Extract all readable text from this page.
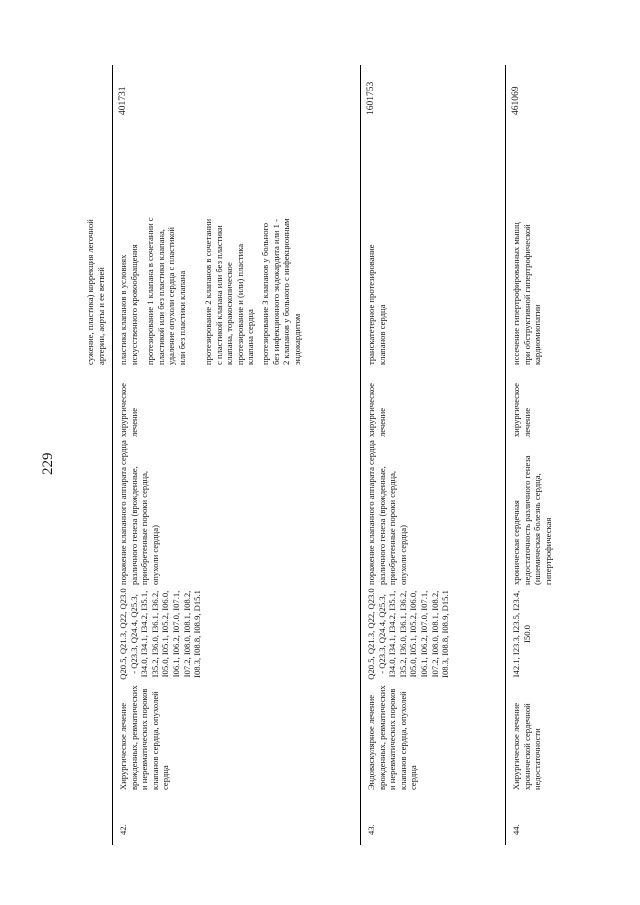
229
сужение, пластика) коррекция легочной артерии, аорты и ее ветвей
42.
Хирургическое лечение врожденных, ревматических и неревматических пороков клапанов сердца, опухолей сердца
Q20.5, Q21.3, Q22, Q23.0 - Q23.3, Q24.4, Q25.3, I34.0, I34.1, I34.2, I35.1, I35.2, I36.0, I36.1, I36.2, I05.0, I05.1, I05.2, I06.0, I06.1, I06.2, I07.0, I07.1, I07.2, I08.0, I08.1, I08.2, I08.3, I08.8, I08.9, D15.1
поражение клапанного аппарата сердца различного генеза (врожденные, приобретенные пороки сердца, опухоли сердца)
хирургическое лечение
пластика клапанов в условиях искусственного кровообращения протезирование 1 клапана в сочетании с пластикой или без пластики клапана, удаление опухоли сердца с пластикой или без пластики клапана протезирование 2 клапанов в сочетании с пластикой клапана или без пластики клапана, торакоскопическое протезирование и (или) пластика клапана сердца протезирование 3 клапанов у больного без инфекционного эндокардита или 1 - 2 клапанов у больного с инфекционным эндокардитом
401731
43.
Эндоваскулярное лечение врожденных, ревматических и неревматических пороков клапанов сердца, опухолей сердца
Q20.5, Q21.3, Q22, Q23.0 - Q23.3, Q24.4, Q25.3, I34.0, I34.1, I34.2, I35.1, I35.2, I36.0, I36.1, I36.2, I05.0, I05.1, I05.2, I06.0, I06.1, I06.2, I07.0, I07.1, I07.2, I08.0, I08.1, I08.2, I08.3, I08.8, I08.9, D15.1
поражение клапанного аппарата сердца различного генеза (врожденные, приобретенные пороки сердца, опухоли сердца)
хирургическое лечение
транскатетерное протезирование клапанов сердца
1601753
44.
Хирургическое лечение хронической сердечной недостаточности
I42.1, I23.3, I23.5, I23.4, I50.0
хроническая сердечная недостаточность различного генеза (ишемическая болезнь сердца, гипертрофическая
хирургическое лечение
иссечение гипертрофированных мышц при обструктивной гипертрофической кардиомиопатии
461069
